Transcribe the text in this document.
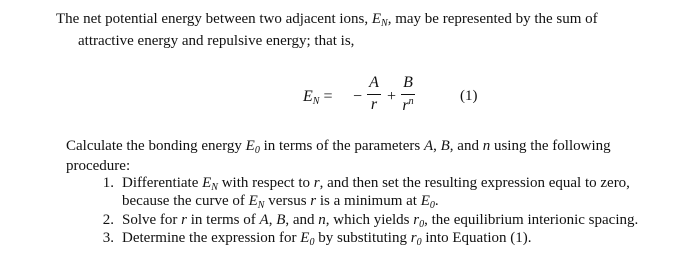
The net potential energy between two adjacent ions, $E_N$, may be represented by the sum of
attractive energy and repulsive energy; that is,
$E_N$ = −
A
r +
B
$r^n$	(1)
Calculate the bonding energy $E_0$ in terms of the parameters A, B, and n using the following
procedure:
1. Differentiate $E_N$ with respect to r, and then set the resulting expression equal to zero,
because the curve of $E_N$ versus r is a minimum at $E_0$.
2. Solve for r in terms of A, B, and n, which yields $r_0$, the equilibrium interionic spacing.
3. Determine the expression for $E_0$ by substituting $r_0$ into Equation (1).
